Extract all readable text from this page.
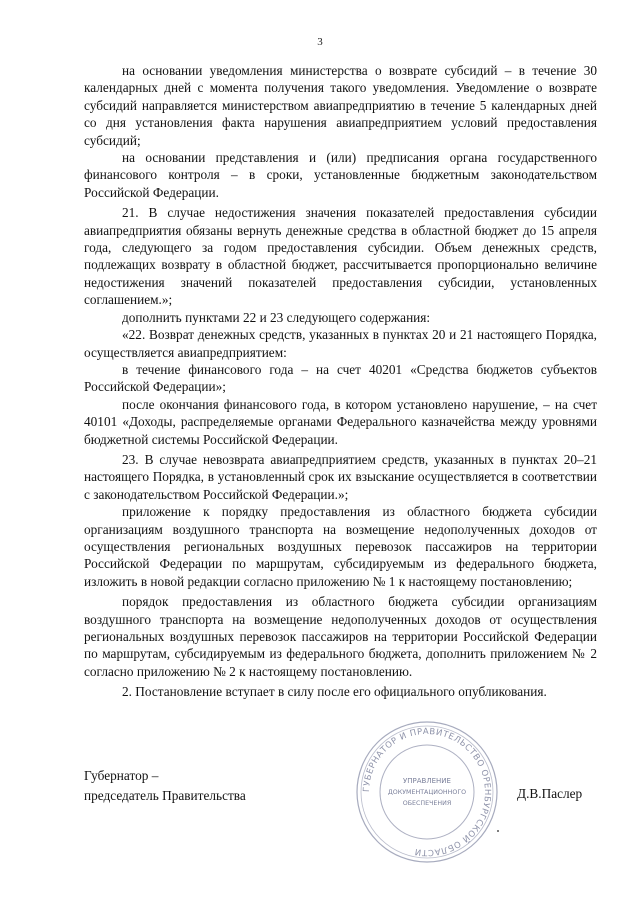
3

на основании уведомления министерства о возврате субсидий – в течение 30 календарных дней с момента получения такого уведомления. Уведомление о возврате субсидий направляется министерством авиапредприятию в течение 5 календарных дней со дня установления факта нарушения авиапредприятием условий предоставления субсидий;

на основании представления и (или) предписания органа государственного финансового контроля – в сроки, установленные бюджетным законодательством Российской Федерации.

21. В случае недостижения значения показателей предоставления субсидии авиапредприятия обязаны вернуть денежные средства в областной бюджет до 15 апреля года, следующего за годом предоставления субсидии. Объем денежных средств, подлежащих возврату в областной бюджет, рассчитывается пропорционально величине недостижения значений показателей предоставления субсидии, установленных соглашением.»;

дополнить пунктами 22 и 23 следующего содержания:

«22. Возврат денежных средств, указанных в пунктах 20 и 21 настоящего Порядка, осуществляется авиапредприятием:

в течение финансового года – на счет 40201 «Средства бюджетов субъектов Российской Федерации»;

после окончания финансового года, в котором установлено нарушение, – на счет 40101 «Доходы, распределяемые органами Федерального казначейства между уровнями бюджетной системы Российской Федерации.

23. В случае невозврата авиапредприятием средств, указанных в пунктах 20–21 настоящего Порядка, в установленный срок их взыскание осуществляется в соответствии с законодательством Российской Федерации.»;

приложение к порядку предоставления из областного бюджета субсидии организациям воздушного транспорта на возмещение недополученных доходов от осуществления региональных воздушных перевозок пассажиров на территории Российской Федерации по маршрутам, субсидируемым из федерального бюджета, изложить в новой редакции согласно приложению № 1 к настоящему постановлению;

порядок предоставления из областного бюджета субсидии организациям воздушного транспорта на возмещение недополученных доходов от осуществления региональных воздушных перевозок пассажиров на территории Российской Федерации по маршрутам, субсидируемым из федерального бюджета, дополнить приложением № 2 согласно приложению № 2 к настоящему постановлению.

2. Постановление вступает в силу после его официального опубликования.

Губернатор –
председатель Правительства	ГУБЕРНАТОР И ПРАВИТЕЛЬСТВО ОРЕНБУРГСКОЙ ОБЛАСТИ
УПРАВЛЕНИЕ
ДОКУМЕНТАЦИОННОГО
ОБЕСПЕЧЕНИЯ
Д.В.Паслер
